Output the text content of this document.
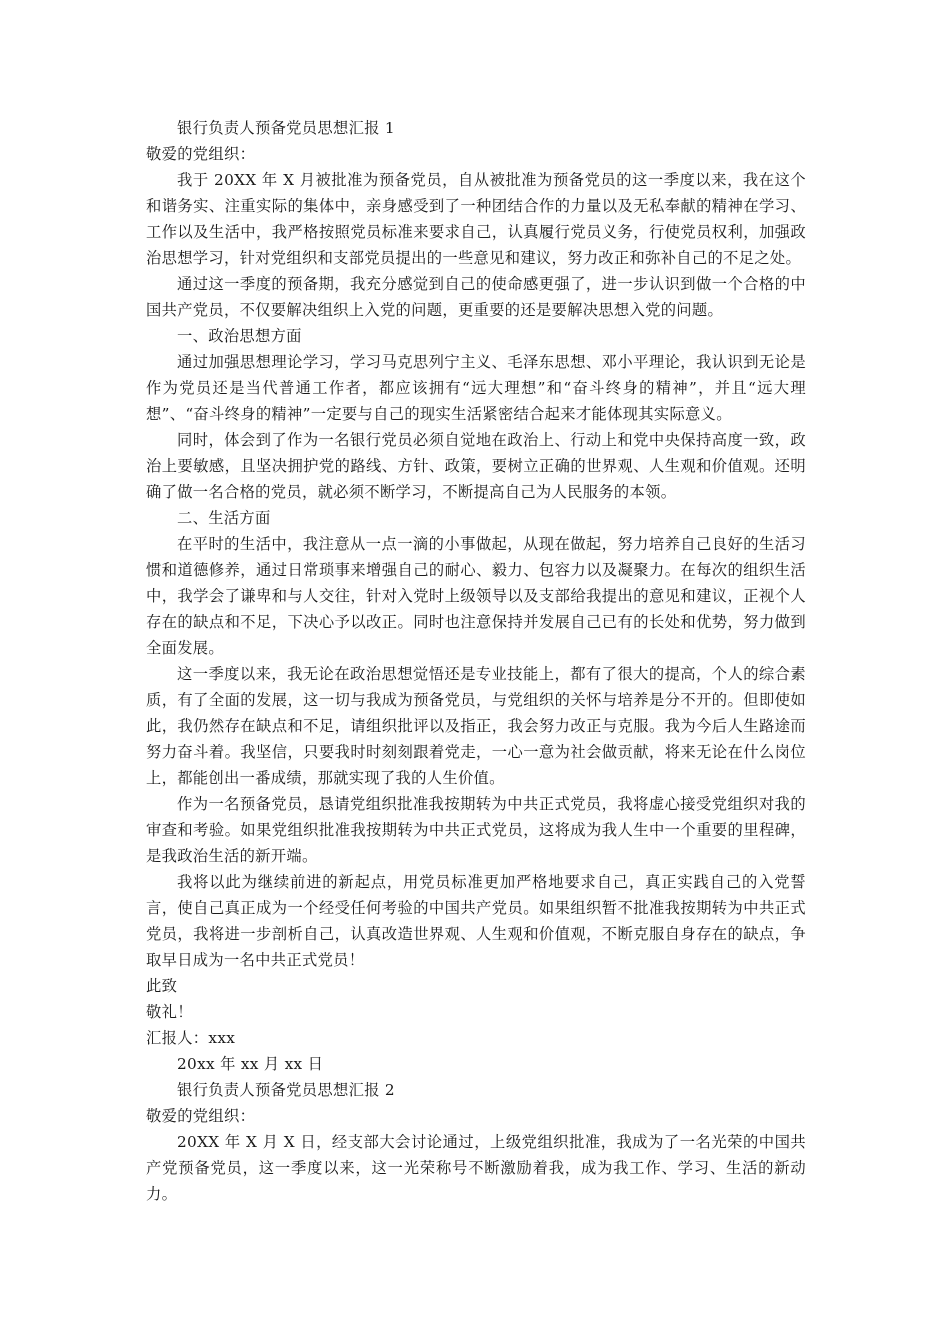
银行负责人预备党员思想汇报 1

敬爱的党组织：

我于 20XX 年 X 月被批准为预备党员，自从被批准为预备党员的这一季度以来，我在这个和谐务实、注重实际的集体中，亲身感受到了一种团结合作的力量以及无私奉献的精神在学习、工作以及生活中，我严格按照党员标准来要求自己，认真履行党员义务，行使党员权利，加强政治思想学习，针对党组织和支部党员提出的一些意见和建议，努力改正和弥补自己的不足之处。

通过这一季度的预备期，我充分感觉到自己的使命感更强了，进一步认识到做一个合格的中国共产党员，不仅要解决组织上入党的问题，更重要的还是要解决思想入党的问题。

一、政治思想方面

通过加强思想理论学习，学习马克思列宁主义、毛泽东思想、邓小平理论，我认识到无论是作为党员还是当代普通工作者，都应该拥有“远大理想”和“奋斗终身的精神”，并且“远大理想”、“奋斗终身的精神”一定要与自己的现实生活紧密结合起来才能体现其实际意义。

同时，体会到了作为一名银行党员必须自觉地在政治上、行动上和党中央保持高度一致，政治上要敏感，且坚决拥护党的路线、方针、政策，要树立正确的世界观、人生观和价值观。还明确了做一名合格的党员，就必须不断学习，不断提高自己为人民服务的本领。

二、生活方面

在平时的生活中，我注意从一点一滴的小事做起，从现在做起，努力培养自己良好的生活习惯和道德修养，通过日常琐事来增强自己的耐心、毅力、包容力以及凝聚力。在每次的组织生活中，我学会了谦卑和与人交往，针对入党时上级领导以及支部给我提出的意见和建议，正视个人存在的缺点和不足，下决心予以改正。同时也注意保持并发展自己已有的长处和优势，努力做到全面发展。

这一季度以来，我无论在政治思想觉悟还是专业技能上，都有了很大的提高，个人的综合素质，有了全面的发展，这一切与我成为预备党员，与党组织的关怀与培养是分不开的。但即使如此，我仍然存在缺点和不足，请组织批评以及指正，我会努力改正与克服。我为今后人生路途而努力奋斗着。我坚信，只要我时时刻刻跟着党走，一心一意为社会做贡献，将来无论在什么岗位上，都能创出一番成绩，那就实现了我的人生价值。

作为一名预备党员，恳请党组织批准我按期转为中共正式党员，我将虚心接受党组织对我的审查和考验。如果党组织批准我按期转为中共正式党员，这将成为我人生中一个重要的里程碑，是我政治生活的新开端。

我将以此为继续前进的新起点，用党员标准更加严格地要求自己，真正实践自己的入党誓言，使自己真正成为一个经受任何考验的中国共产党员。如果组织暂不批准我按期转为中共正式党员，我将进一步剖析自己，认真改造世界观、人生观和价值观，不断克服自身存在的缺点，争取早日成为一名中共正式党员！

此致

敬礼！

汇报人：xxx

20xx 年 xx 月 xx 日

银行负责人预备党员思想汇报 2

敬爱的党组织：

20XX 年 X 月 X 日，经支部大会讨论通过，上级党组织批准，我成为了一名光荣的中国共产党预备党员，这一季度以来，这一光荣称号不断激励着我，成为我工作、学习、生活的新动力。
